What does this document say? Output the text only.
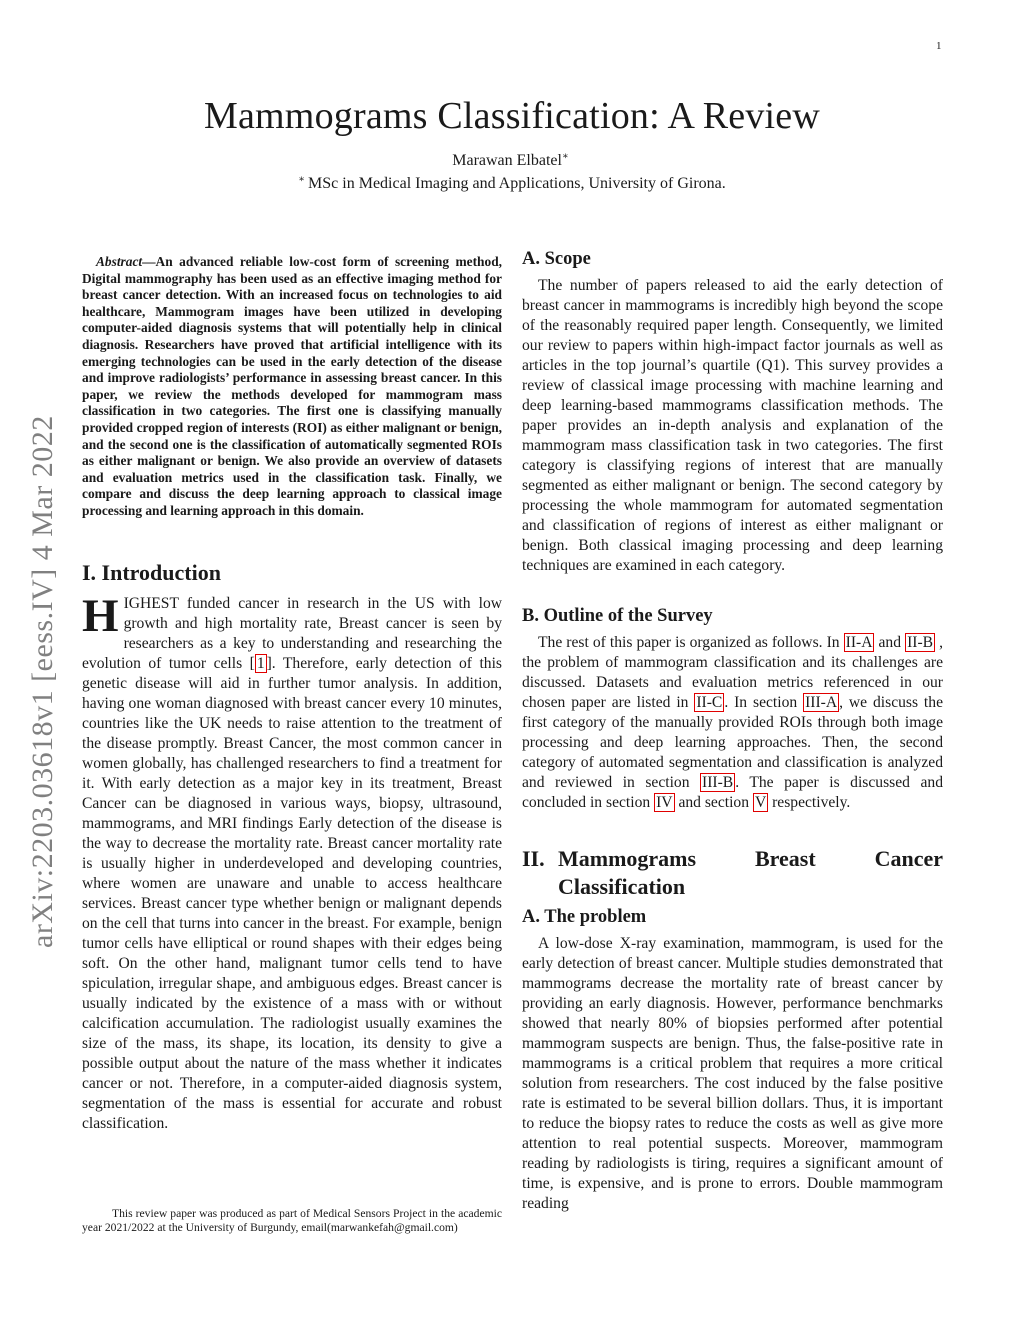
1
Mammograms Classification: A Review
Marawan Elbatel∗
∗ MSc in Medical Imaging and Applications, University of Girona.
arXiv:2203.03618v1 [eess.IV] 4 Mar 2022

Abstract—An advanced reliable low-cost form of screening method, Digital mammography has been used as an effective imaging method for breast cancer detection. With an increased focus on technologies to aid healthcare, Mammogram images have been utilized in developing computer-aided diagnosis systems that will potentially help in clinical diagnosis. Researchers have proved that artificial intelligence with its emerging technologies can be used in the early detection of the disease and improve radiologists’ performance in assessing breast cancer. In this paper, we review the methods developed for mammogram mass classification in two categories. The first one is classifying manually provided cropped region of interests (ROI) as either malignant or benign, and the second one is the classification of automatically segmented ROIs as either malignant or benign. We also provide an overview of datasets and evaluation metrics used in the classification task. Finally, we compare and discuss the deep learning approach to classical image processing and learning approach in this domain.

I. Introduction

HIGHEST funded cancer in research in the US with low growth and high mortality rate, Breast cancer is seen by researchers as a key to understanding and researching the evolution of tumor cells [ 1 ]. Therefore, early detection of this genetic disease will aid in further tumor analysis. In addition, having one woman diagnosed with breast cancer every 10 minutes, countries like the UK needs to raise attention to the treatment of the disease promptly. Breast Cancer, the most common cancer in women globally, has challenged researchers to find a treatment for it. With early detection as a major key in its treatment, Breast Cancer can be diagnosed in various ways, biopsy, ultrasound, mammograms, and MRI findings Early detection of the disease is the way to decrease the mortality rate. Breast cancer mortality rate is usually higher in underdeveloped and developing countries, where women are unaware and unable to access healthcare services. Breast cancer type whether benign or malignant depends on the cell that turns into cancer in the breast. For example, benign tumor cells have elliptical or round shapes with their edges being soft. On the other hand, malignant tumor cells tend to have spiculation, irregular shape, and ambiguous edges. Breast cancer is usually indicated by the existence of a mass with or without calcification accumulation. The radiologist usually examines the size of the mass, its shape, its location, its density to give a possible output about the nature of the mass whether it indicates cancer or not. Therefore, in a computer-aided diagnosis system, segmentation of the mass is essential for accurate and robust classification.

This review paper was produced as part of Medical Sensors Project in the academic year 2021/2022 at the University of Burgundy, email(marwankefah@gmail.com)

A. Scope

The number of papers released to aid the early detection of breast cancer in mammograms is incredibly high beyond the scope of the reasonably required paper length. Consequently, we limited our review to papers within high-impact factor journals as well as articles in the top journal’s quartile (Q1). This survey provides a review of classical image processing with machine learning and deep learning-based mammograms classification methods. The paper provides an in-depth analysis and explanation of the mammogram mass classification task in two categories. The first category is classifying regions of interest that are manually segmented as either malignant or benign. The second category by processing the whole mammogram for automated segmentation and classification of regions of interest as either malignant or benign. Both classical imaging processing and deep learning techniques are examined in each category.

B. Outline of the Survey

The rest of this paper is organized as follows. In II-A and II-B , the problem of mammogram classification and its challenges are discussed. Datasets and evaluation metrics referenced in our chosen paper are listed in II-C . In section III-A , we discuss the first category of the manually provided ROIs through both image processing and deep learning approaches. Then, the second category of automated segmentation and classification is analyzed and reviewed in section III-B . The paper is discussed and concluded in section IV and section V respectively.

II. Mammograms Breast Cancer Classification
A. The problem

A low-dose X-ray examination, mammogram, is used for the early detection of breast cancer. Multiple studies demonstrated that mammograms decrease the mortality rate of breast cancer by providing an early diagnosis. However, performance benchmarks showed that nearly 80% of biopsies performed after potential mammogram suspects are benign. Thus, the false-positive rate in mammograms is a critical problem that requires a more critical solution from researchers. The cost induced by the false positive rate is estimated to be several billion dollars. Thus, it is important to reduce the biopsy rates to reduce the costs as well as give more attention to real potential suspects. Moreover, mammogram reading by radiologists is tiring, requires a significant amount of time, is expensive, and is prone to errors. Double mammogram reading
